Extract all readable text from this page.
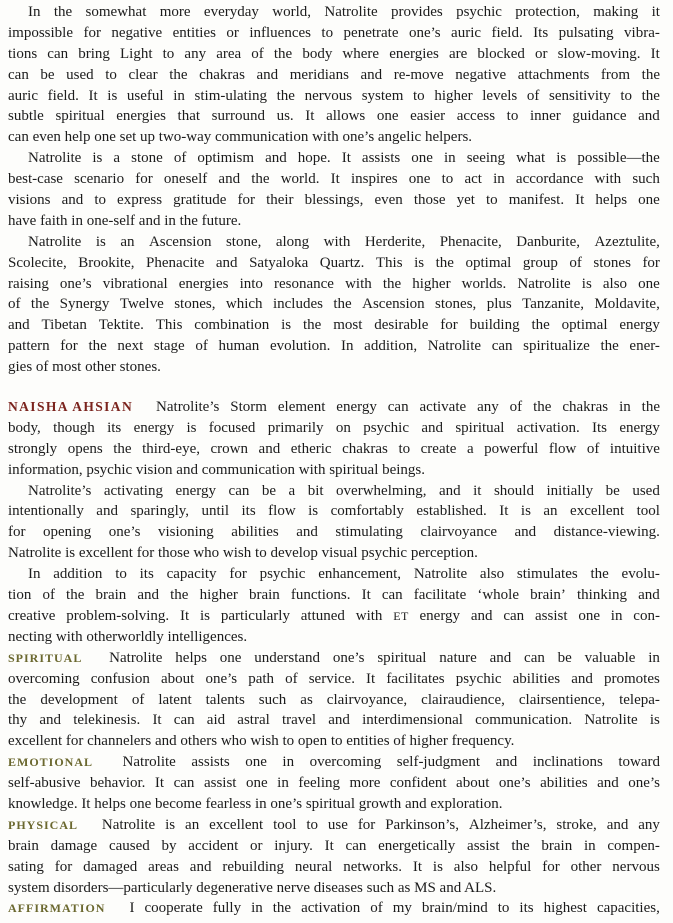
In the somewhat more everyday world, Natrolite provides psychic protection, making it
impossible for negative entities or influences to penetrate one’s auric field. Its pulsating vibra-
tions can bring Light to any area of the body where energies are blocked or slow-moving. It
can be used to clear the chakras and meridians and re-move negative attachments from the
auric field. It is useful in stim-ulating the nervous system to higher levels of sensitivity to the
subtle spiritual energies that surround us. It allows one easier access to inner guidance and
can even help one set up two-way communication with one’s angelic helpers.
Natrolite is a stone of optimism and hope. It assists one in seeing what is possible—the
best-case scenario for oneself and the world. It inspires one to act in accordance with such
visions and to express gratitude for their blessings, even those yet to manifest. It helps one
have faith in one-self and in the future.
Natrolite is an Ascension stone, along with Herderite, Phenacite, Danburite, Azeztulite,
Scolecite, Brookite, Phenacite and Satyaloka Quartz. This is the optimal group of stones for
raising one’s vibrational energies into resonance with the higher worlds. Natrolite is also one
of the Synergy Twelve stones, which includes the Ascension stones, plus Tanzanite, Moldavite,
and Tibetan Tektite. This combination is the most desirable for building the optimal energy
pattern for the next stage of human evolution. In addition, Natrolite can spiritualize the ener-
gies of most other stones.
NAISHA AHSIAN Natrolite’s Storm element energy can activate any of the chakras in the
body, though its energy is focused primarily on psychic and spiritual activation. Its energy
strongly opens the third-eye, crown and etheric chakras to create a powerful flow of intuitive
information, psychic vision and communication with spiritual beings.
Natrolite’s activating energy can be a bit overwhelming, and it should initially be used
intentionally and sparingly, until its flow is comfortably established. It is an excellent tool
for opening one’s visioning abilities and stimulating clairvoyance and distance-viewing.
Natrolite is excellent for those who wish to develop visual psychic perception.
In addition to its capacity for psychic enhancement, Natrolite also stimulates the evolu-
tion of the brain and the higher brain functions. It can facilitate ‘whole brain’ thinking and
creative problem-solving. It is particularly attuned with ET energy and can assist one in con-
necting with otherworldly intelligences.
SPIRITUAL Natrolite helps one understand one’s spiritual nature and can be valuable in
overcoming confusion about one’s path of service. It facilitates psychic abilities and promotes
the development of latent talents such as clairvoyance, clairaudience, clairsentience, telepa-
thy and telekinesis. It can aid astral travel and interdimensional communication. Natrolite is
excellent for channelers and others who wish to open to entities of higher frequency.
EMOTIONAL Natrolite assists one in overcoming self-judgment and inclinations toward
self-abusive behavior. It can assist one in feeling more confident about one’s abilities and one’s
knowledge. It helps one become fearless in one’s spiritual growth and exploration.
PHYSICAL Natrolite is an excellent tool to use for Parkinson’s, Alzheimer’s, stroke, and any
brain damage caused by accident or injury. It can energetically assist the brain in compen-
sating for damaged areas and rebuilding neural networks. It is also helpful for other nervous
system disorders—particularly degenerative nerve diseases such as MS and ALS.
AFFIRMATION I cooperate fully in the activation of my brain/mind to its highest capacities,
